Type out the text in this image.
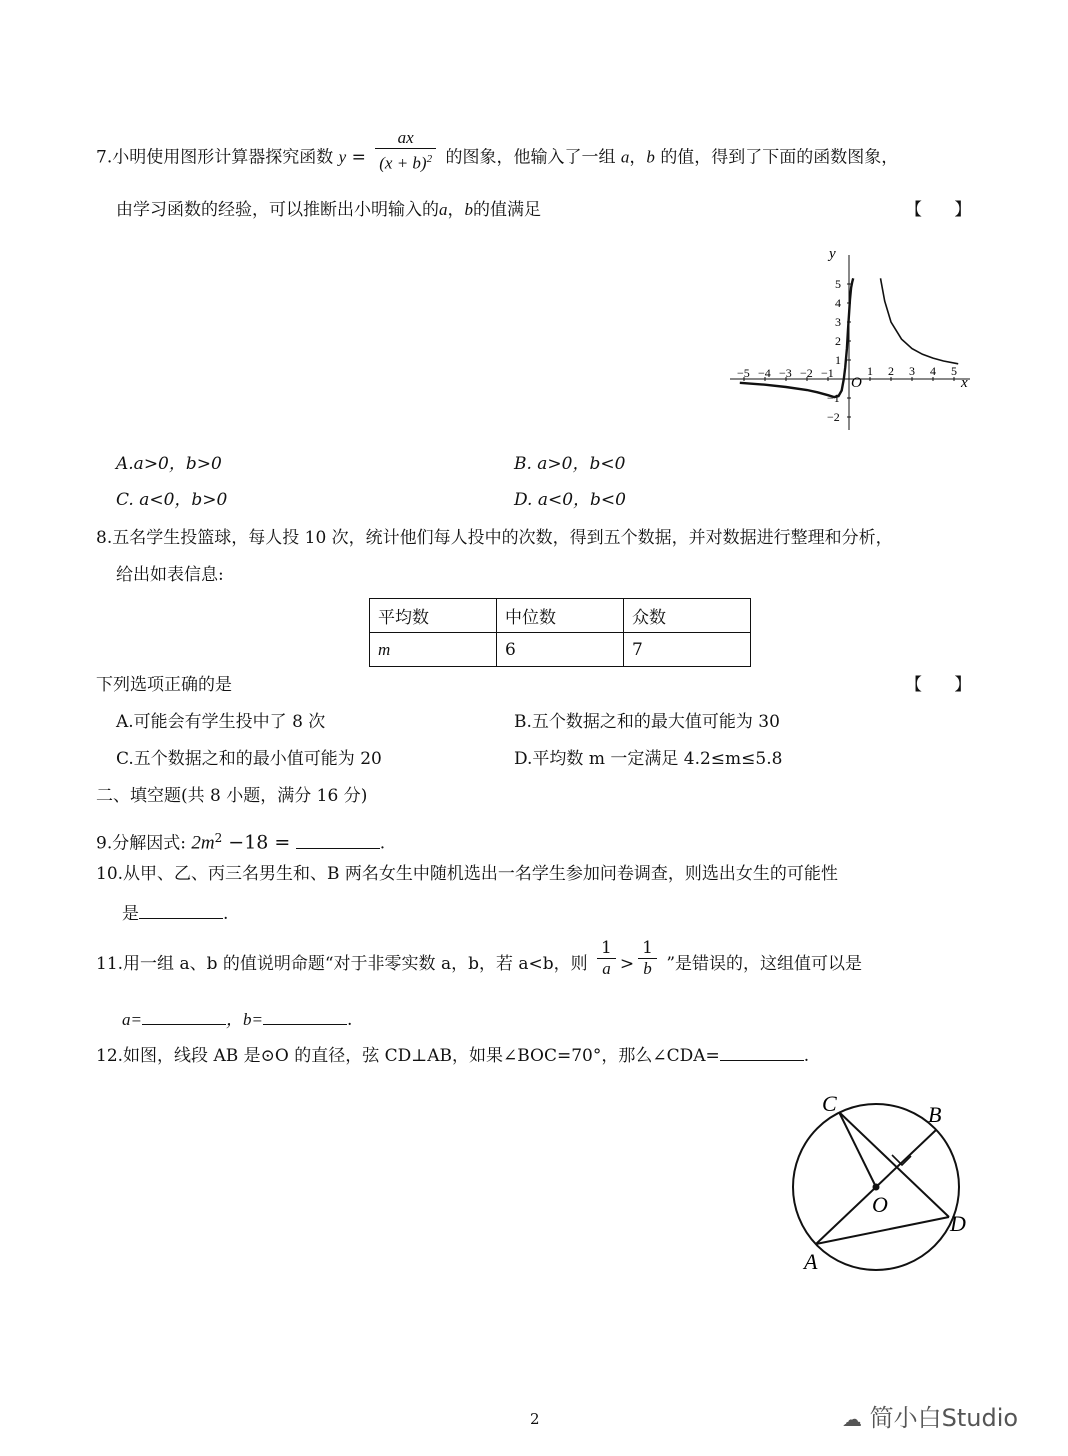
7.小明使用图形计算器探究函数 $y = \frac{ax}{(x + b)^2}$ 的图象，他输入了一组 a，b 的值，得到了下面的函数图象，
由学习函数的经验，可以推断出小明输入的a，b的值满足	【      】
x
y
O
−5 −4 −3 −2 −1	1 2 3 4 5
5
4
3
2
1
−1
−2
A.a>0，b>0	B. a>0，b<0
C. a<0，b>0	D. a<0，b<0
8.五名学生投篮球，每人投 10 次，统计他们每人投中的次数，得到五个数据，并对数据进行整理和分析，
给出如表信息:
平均数	中位数	众数
m	6	7
下列选项正确的是	【      】
A.可能会有学生投中了 8 次	B.五个数据之和的最大值可能为 30
C.五个数据之和的最小值可能为 20	D.平均数 m 一定满足 4.2≤m≤5.8
二、填空题(共 8 小题，满分 16 分)
9.分解因式: $2m^2 -18$ =	.
10.从甲、乙、丙三名男生和、B 两名女生中随机选出一名学生参加问卷调查，则选出女生的可能性
是	.
11.用一组 a、b 的值说明命题“对于非零实数 a，b，若 a<b，则 $\frac{1}{a} > \frac{1}{b}$ ”是错误的，这组值可以是
a=	，b=	.
12.如图，线段 AB 是⊙O 的直径，弦 CD⊥AB，如果∠BOC=70°，那么∠CDA=	.
C	B
O
D
A
2	☁ 简小白Studio
